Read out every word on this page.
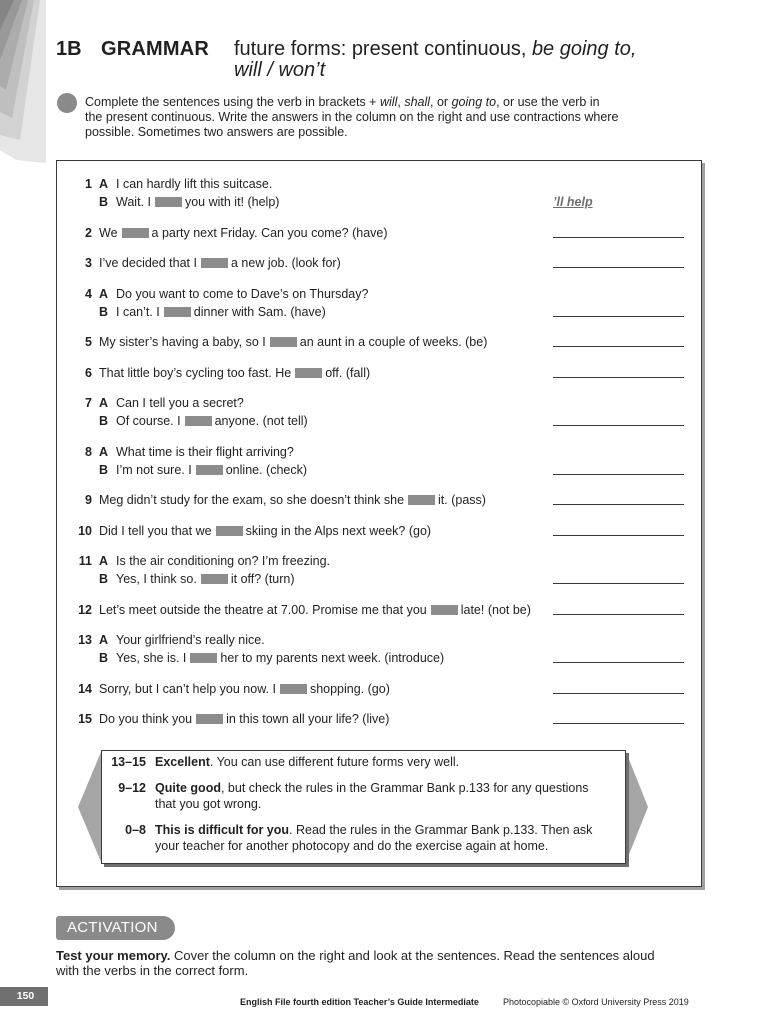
1B GRAMMAR future forms: present continuous, be going to,
will / won’t
Complete the sentences using the verb in brackets + will, shall, or going to, or use the verb in
the present continuous. Write the answers in the column on the right and use contractions where
possible. Sometimes two answers are possible.
1 A I can hardly lift this suitcase.
B Wait. I	you with it! (help)	’ll help
2 We	a party next Friday. Can you come? (have)
3 I’ve decided that I	a new job. (look for)
4 A Do you want to come to Dave’s on Thursday?
B I can’t. I	dinner with Sam. (have)
5 My sister’s having a baby, so I	an aunt in a couple of weeks. (be)
6 That little boy’s cycling too fast. He	off. (fall)
7 A Can I tell you a secret?
B Of course. I	anyone. (not tell)
8 A What time is their flight arriving?
B I’m not sure. I	online. (check)
9 Meg didn’t study for the exam, so she doesn’t think she	it. (pass)
10 Did I tell you that we	skiing in the Alps next week? (go)
11 A Is the air conditioning on? I’m freezing.
B Yes, I think so.	it off? (turn)
12 Let’s meet outside the theatre at 7.00. Promise me that you	late! (not be)
13 A Your girlfriend’s really nice.
B Yes, she is. I	her to my parents next week. (introduce)
14 Sorry, but I can’t help you now. I	shopping. (go)
15 Do you think you	in this town all your life? (live)
13–15 Excellent. You can use different future forms very well.
9–12 Quite good, but check the rules in the Grammar Bank p.133 for any questions
that you got wrong.
0–8 This is difficult for you. Read the rules in the Grammar Bank p.133. Then ask
your teacher for another photocopy and do the exercise again at home.
ACTIVATION
Test your memory. Cover the column on the right and look at the sentences. Read the sentences aloud
with the verbs in the correct form.
150	English File fourth edition Teacher’s Guide Intermediate	Photocopiable © Oxford University Press 2019
